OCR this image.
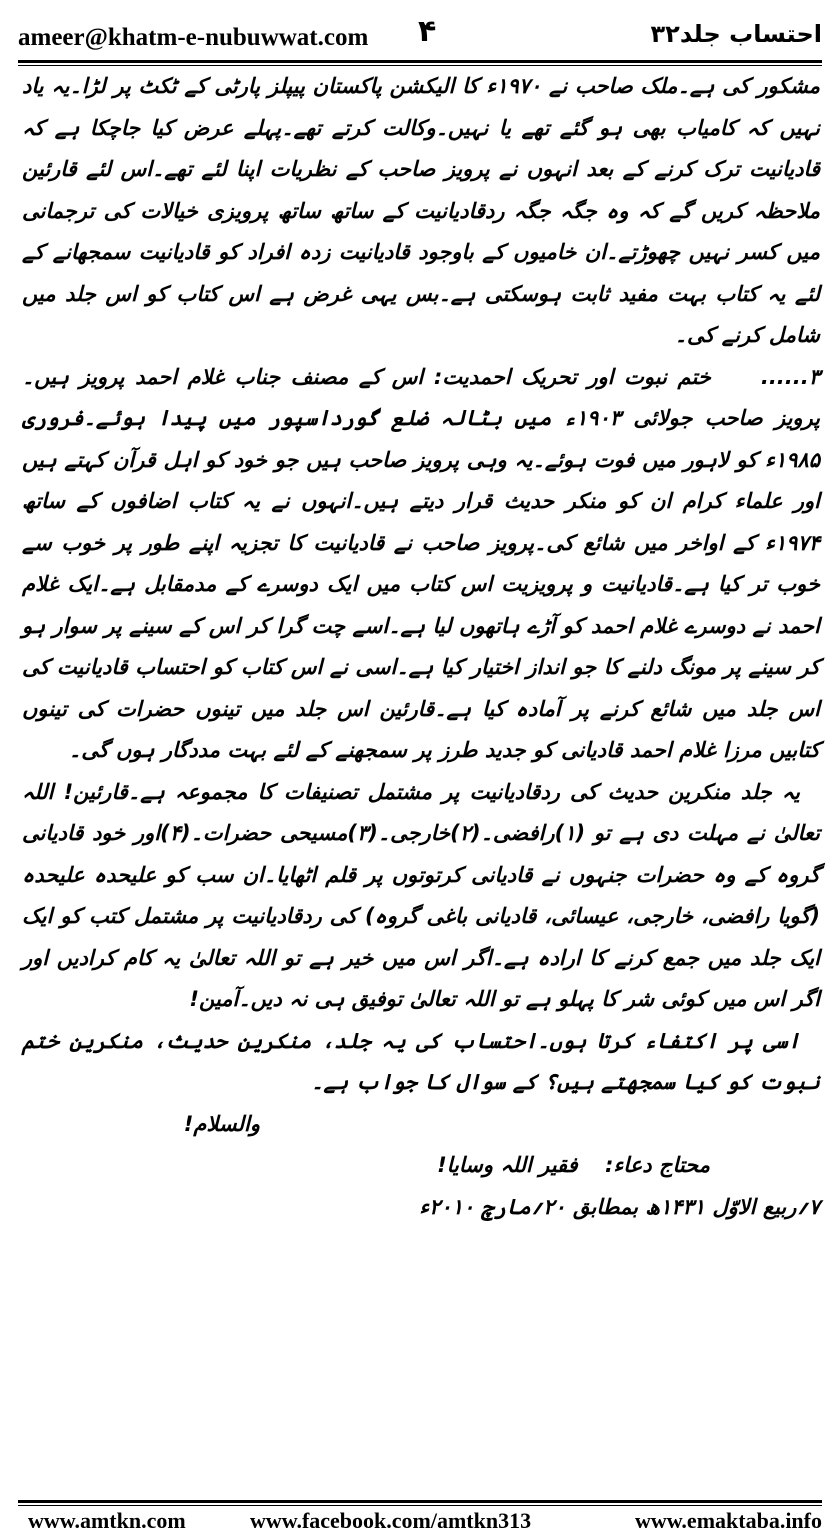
ameer@khatm-e-nubuwwat.com ۴	احتساب جلد۳۲

مشکور کی ہے۔ملک صاحب نے ۱۹۷۰ء کا الیکشن پاکستان پیپلز پارٹی کے ٹکٹ پر لڑا۔یہ یاد نہیں کہ کامیاب بھی ہو گئے تھے یا نہیں۔وکالت کرتے تھے۔پہلے عرض کیا جاچکا ہے کہ قادیانیت ترک کرنے کے بعد انہوں نے پرویز صاحب کے نظریات اپنا لئے تھے۔اس لئے قارئین ملاحظہ کریں گے کہ وہ جگہ جگہ ردقادیانیت کے ساتھ ساتھ پرویزی خیالات کی ترجمانی میں کسر نہیں چھوڑتے۔ان خامیوں کے باوجود قادیانیت زدہ افراد کو قادیانیت سمجھانے کے لئے یہ کتاب بہت مفید ثابت ہوسکتی ہے۔بس یہی غرض ہے اس کتاب کو اس جلد میں شامل کرنے کی۔

۳......ختم نبوت اور تحریک احمدیت: اس کے مصنف جناب غلام احمد پرویز ہیں۔پرویز صاحب جولائی ۱۹۰۳ء میں بٹالہ ضلع گورداسپور میں پیدا ہوئے۔فروری ۱۹۸۵ء کو لاہور میں فوت ہوئے۔یہ وہی پرویز صاحب ہیں جو خود کو اہل قرآن کہتے ہیں اور علماء کرام ان کو منکر حدیث قرار دیتے ہیں۔انہوں نے یہ کتاب اضافوں کے ساتھ ۱۹۷۴ء کے اواخر میں شائع کی۔پرویز صاحب نے قادیانیت کا تجزیہ اپنے طور پر خوب سے خوب تر کیا ہے۔قادیانیت و پرویزیت اس کتاب میں ایک دوسرے کے مدمقابل ہے۔ایک غلام احمد نے دوسرے غلام احمد کو آڑے ہاتھوں لیا ہے۔اسے چت گرا کر اس کے سینے پر سوار ہو کر سینے پر مونگ دلنے کا جو انداز اختیار کیا ہے۔اسی نے اس کتاب کو احتساب قادیانیت کی اس جلد میں شائع کرنے پر آمادہ کیا ہے۔قارئین اس جلد میں تینوں حضرات کی تینوں کتابیں مرزا غلام احمد قادیانی کو جدید طرز پر سمجھنے کے لئے بہت مددگار ہوں گی۔

یہ جلد منکرین حدیث کی ردقادیانیت پر مشتمل تصنیفات کا مجموعہ ہے۔قارئین! اللہ تعالیٰ نے مہلت دی ہے تو (۱)رافضی۔(۲)خارجی۔(۳)مسیحی حضرات۔(۴)اور خود قادیانی گروہ کے وہ حضرات جنہوں نے قادیانی کرتوتوں پر قلم اٹھایا۔ان سب کو علیحدہ علیحدہ (گویا رافضی، خارجی، عیسائی، قادیانی باغی گروہ) کی ردقادیانیت پر مشتمل کتب کو ایک ایک جلد میں جمع کرنے کا ارادہ ہے۔اگر اس میں خیر ہے تو اللہ تعالیٰ یہ کام کرادیں اور اگر اس میں کوئی شر کا پہلو ہے تو اللہ تعالیٰ توفیق ہی نہ دیں۔آمین!

اسی پر اکتفاء کرتا ہوں۔احتساب کی یہ جلد، منکرین حدیث، منکرین ختم نبوت کو کیا سمجھتے ہیں؟ کے سوال کا جواب ہے۔

والسلام!
محتاج دعاء: فقیر اللہ وسایا!
۷؍ربیع الاوّل ۱۴۳۱ھ بمطابق ۲۰؍مارچ ۲۰۱۰ء
www.amtkn.com	www.facebook.com/amtkn313	www.emaktaba.info
